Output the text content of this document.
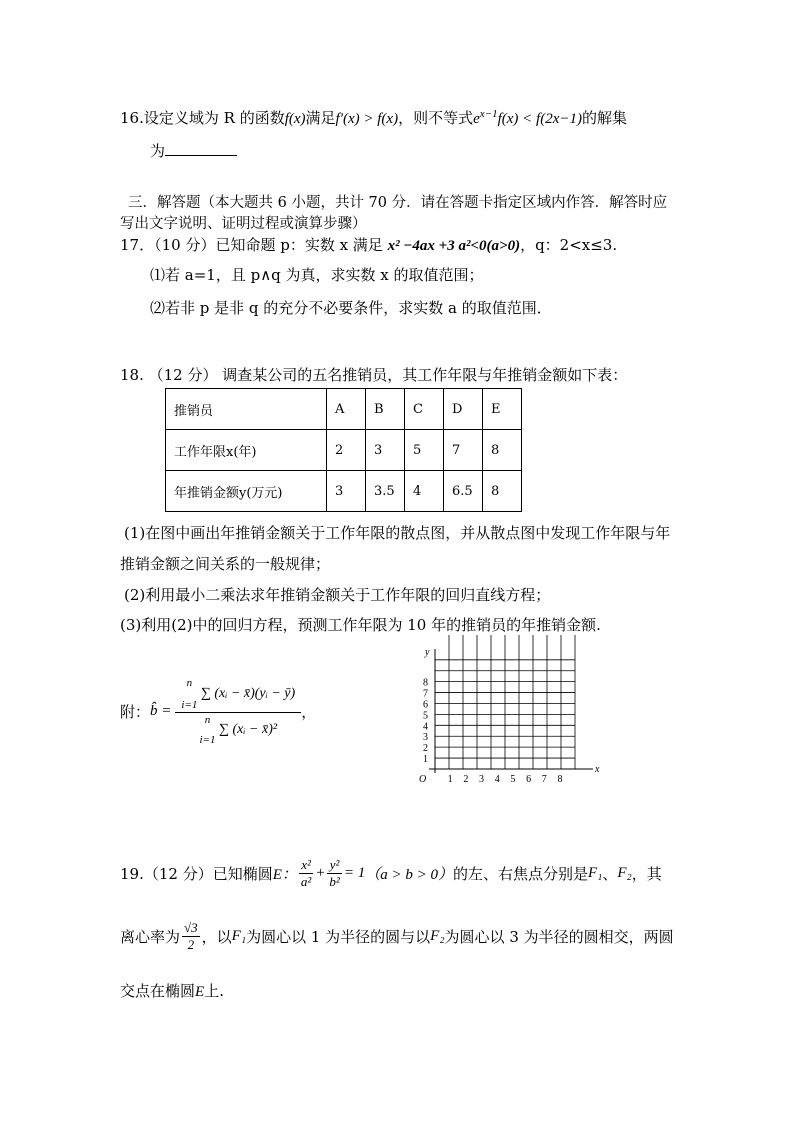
16.设定义域为 R 的函数f(x)满足f′(x) > f(x)，则不等式$e^{x-1}f(x) < f(2x-1)$的解集
为
三．解答题（本大题共 6 小题，共计 70 分．请在答题卡指定区域内作答．解答时应
写出文字说明、证明过程或演算步骤）
17．（10 分）已知命题 p：实数 x 满足 x² −4ax +3 a²<0(a>0)，q：2<x≤3.
⑴若 a=1，且 p∧q 为真，求实数 x 的取值范围；
⑵若非 p 是非 q 的充分不必要条件，求实数 a 的取值范围．
18. （12 分） 调查某公司的五名推销员，其工作年限与年推销金额如下表：
推销员	A	B	C	D	E
工作年限x(年)	2	3	5	7	8
年推销金额y(万元)	3	3.5	4	6.5	8
(1)在图中画出年推销金额关于工作年限的散点图，并从散点图中发现工作年限与年
推销金额之间关系的一般规律；
(2)利用最小二乘法求年推销金额关于工作年限的回归直线方程；
(3)利用(2)中的回归方程，预测工作年限为 10 年的推销员的年推销金额.
附： b̂ = n
i=1
∑ (xᵢ − x̄)(yᵢ − ȳ)
n
i=1
∑ (xᵢ − x̄)² ，
1 2 3 4 5 6 7 8
1
2
3
4
5
6
7
8
O
x
y
19.（12 分）已知椭圆 E： $\frac{\text{x²}}{\text{a²}} + \frac{\text{y²}}{\text{b²}} = 1$ （a > b > 0） 的左、右焦点分别是 F₁ 、 F₂ ，其
离心率为 $\frac{√3}{2}$ ，以 F₁ 为圆心以 1 为半径的圆与以 F₂ 为圆心以 3 为半径的圆相交，两圆
交点在椭圆E上.
